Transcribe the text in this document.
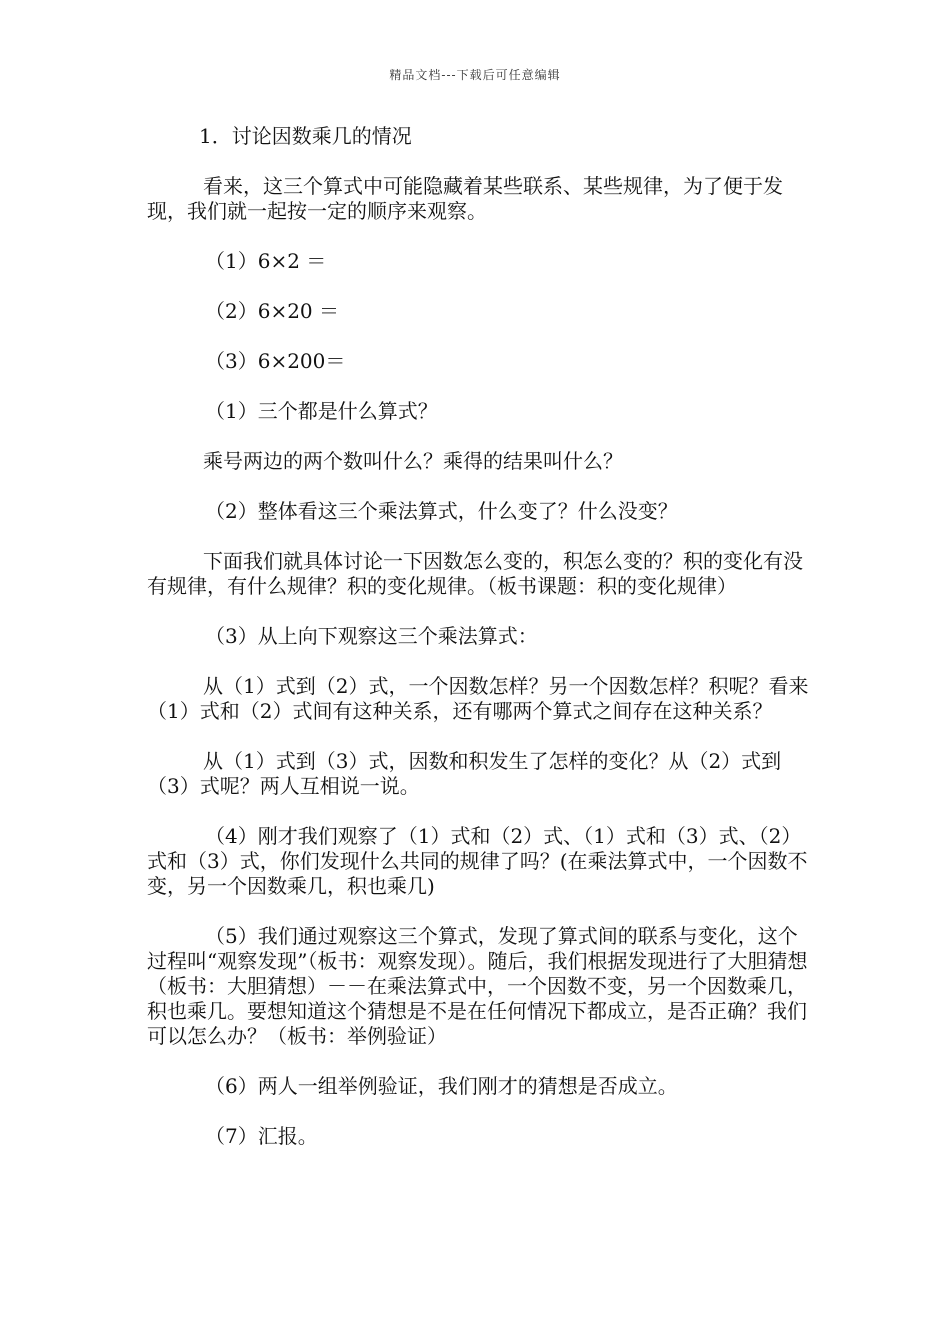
精品文档---下载后可任意编辑

1．讨论因数乘几的情况

看来，这三个算式中可能隐藏着某些联系、某些规律，为了便于发现，我们就一起按一定的顺序来观察。

（1）6×2 ＝

（2）6×20 ＝

（3）6×200＝

（1）三个都是什么算式？

乘号两边的两个数叫什么？乘得的结果叫什么？

（2）整体看这三个乘法算式，什么变了？什么没变？

下面我们就具体讨论一下因数怎么变的，积怎么变的？积的变化有没有规律，有什么规律？积的变化规律。（板书课题：积的变化规律）

（3）从上向下观察这三个乘法算式：

从（1）式到（2）式，一个因数怎样？另一个因数怎样？积呢？看来（1）式和（2）式间有这种关系，还有哪两个算式之间存在这种关系？

从（1）式到（3）式，因数和积发生了怎样的变化？从（2）式到（3）式呢？两人互相说一说。

（4）刚才我们观察了（1）式和（2）式、（1）式和（3）式、（2）式和（3）式，你们发现什么共同的规律了吗？(在乘法算式中，一个因数不变，另一个因数乘几，积也乘几)

（5）我们通过观察这三个算式，发现了算式间的联系与变化，这个过程叫“观察发现”（板书：观察发现）。随后，我们根据发现进行了大胆猜想（板书：大胆猜想）－－在乘法算式中，一个因数不变，另一个因数乘几，积也乘几。要想知道这个猜想是不是在任何情况下都成立，是否正确？我们可以怎么办？（板书：举例验证）

（6）两人一组举例验证，我们刚才的猜想是否成立。

（7）汇报。
